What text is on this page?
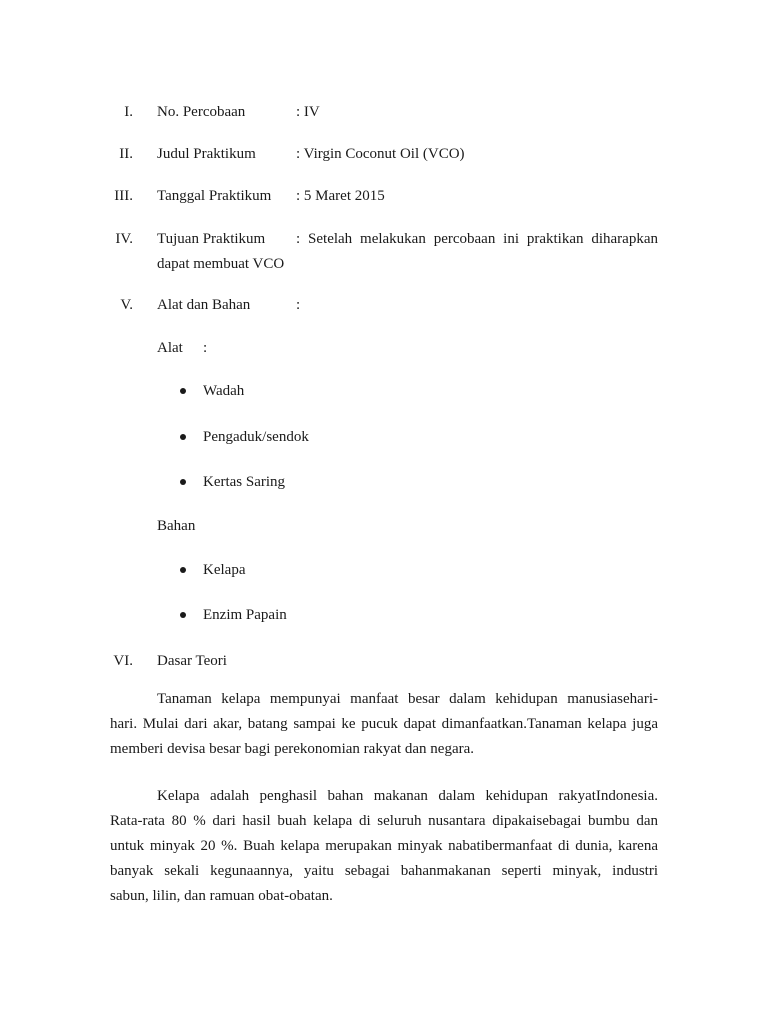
I. No. Percobaan	: IV
II. Judul Praktikum	: Virgin Coconut Oil (VCO)
III. Tanggal Praktikum : 5 Maret 2015
IV. Tujuan Praktikum : Setelah melakukan percobaan ini praktikan diharapkan
dapat membuat VCO
V. Alat dan Bahan	:
Alat :
Wadah
Pengaduk/sendok
Kertas Saring
Bahan
Kelapa
Enzim Papain
VI. Dasar Teori
Tanaman kelapa mempunyai manfaat besar dalam kehidupan manusiasehari-
hari. Mulai dari akar, batang sampai ke pucuk dapat dimanfaatkan.Tanaman kelapa juga
memberi devisa besar bagi perekonomian rakyat dan negara.
Kelapa adalah penghasil bahan makanan dalam kehidupan rakyatIndonesia.
Rata-rata 80 % dari hasil buah kelapa di seluruh nusantara dipakaisebagai bumbu dan
untuk minyak 20 %. Buah kelapa merupakan minyak nabatibermanfaat di dunia, karena
banyak sekali kegunaannya, yaitu sebagai bahanmakanan seperti minyak, industri
sabun, lilin, dan ramuan obat-obatan.
